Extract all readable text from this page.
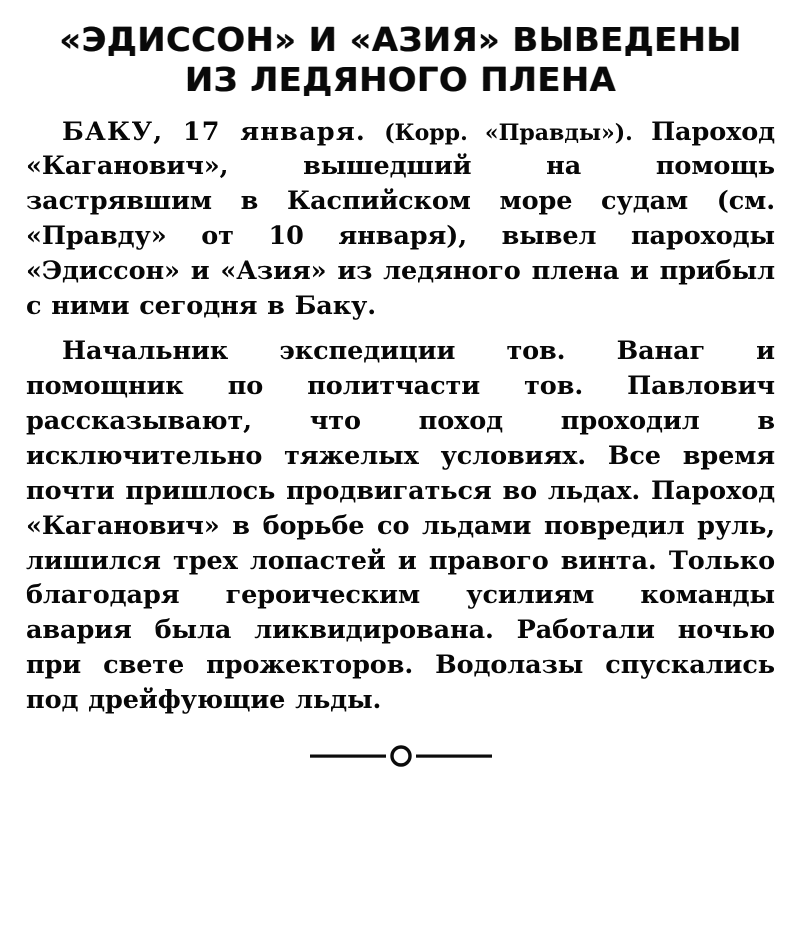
«ЭДИССОН» И «АЗИЯ» ВЫВЕДЕНЫ
ИЗ ЛЕДЯНОГО ПЛЕНА

БАКУ, 17 января. (Корр. «Правды»). Пароход «Каганович», вышедший на помощь застрявшим в Каспийском море судам (см. «Правду» от 10 января), вывел пароходы «Эдиссон» и «Азия» из ледяного плена и прибыл с ними сегодня в Баку.

Начальник экспедиции тов. Ванаг и помощник по политчасти тов. Павлович рассказывают, что поход проходил в исключительно тяжелых условиях. Все время почти пришлось продвигаться во льдах. Пароход «Каганович» в борьбе со льдами повредил руль, лишился трех лопастей и правого винта. Только благодаря героическим усилиям команды авария была ликвидирована. Работали ночью при свете прожекторов. Водолазы спускались под дрейфующие льды.
